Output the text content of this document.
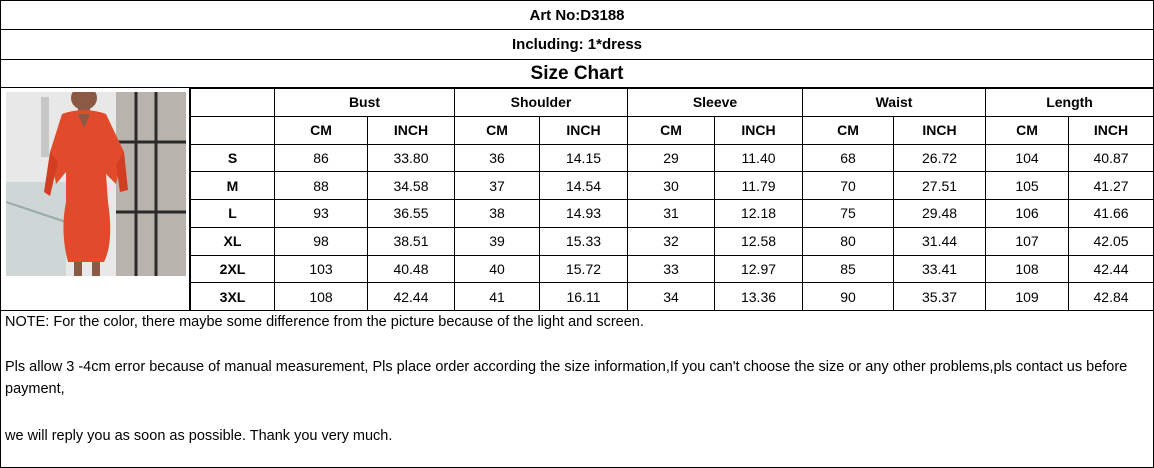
Art No:D3188
Including: 1*dress
Size Chart
	Bust		Shoulder		Sleeve		Waist		Length	
	CM	INCH	CM	INCH	CM	INCH	CM	INCH	CM	INCH
S	86	33.80	36	14.15	29	11.40	68	26.72	104	40.87
M	88	34.58	37	14.54	30	11.79	70	27.51	105	41.27
L	93	36.55	38	14.93	31	12.18	75	29.48	106	41.66
XL	98	38.51	39	15.33	32	12.58	80	31.44	107	42.05
2XL	103	40.48	40	15.72	33	12.97	85	33.41	108	42.44
3XL	108	42.44	41	16.11	34	13.36	90	35.37	109	42.84

NOTE: For the color, there maybe some difference from the picture because of the light and screen.

Pls allow 3 -4cm error because of manual measurement, Pls place order according the size information,If you can't choose the size or any other problems,pls contact us before payment,

we will reply you as soon as possible. Thank you very much.
